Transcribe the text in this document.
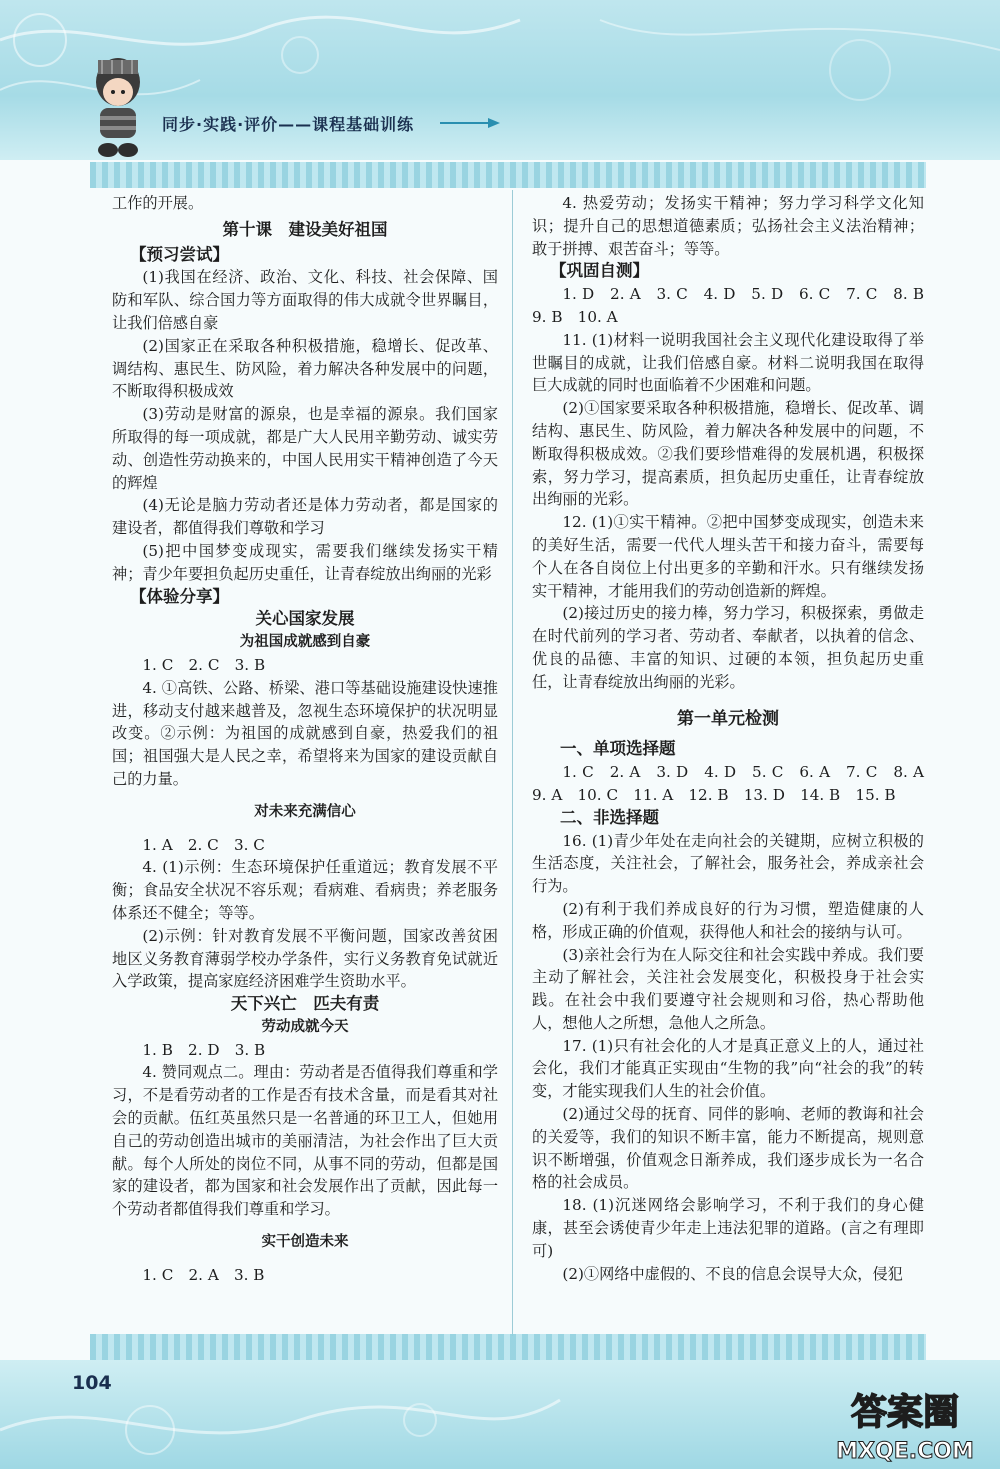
同步·实践·评价——课程基础训练

工作的开展。

第十课　建设美好祖国

【预习尝试】

(1)我国在经济、政治、文化、科技、社会保障、国防和军队、综合国力等方面取得的伟大成就令世界瞩目，让我们倍感自豪

(2)国家正在采取各种积极措施，稳增长、促改革、调结构、惠民生、防风险，着力解决各种发展中的问题，不断取得积极成效

(3)劳动是财富的源泉，也是幸福的源泉。我们国家所取得的每一项成就，都是广大人民用辛勤劳动、诚实劳动、创造性劳动换来的，中国人民用实干精神创造了今天的辉煌

(4)无论是脑力劳动者还是体力劳动者，都是国家的建设者，都值得我们尊敬和学习

(5)把中国梦变成现实，需要我们继续发扬实干精神；青少年要担负起历史重任，让青春绽放出绚丽的光彩

【体验分享】

关心国家发展

为祖国成就感到自豪

1. C　2. C　3. B

4. ①高铁、公路、桥梁、港口等基础设施建设快速推进，移动支付越来越普及，忽视生态环境保护的状况明显改变。②示例：为祖国的成就感到自豪，热爱我们的祖国；祖国强大是人民之幸，希望将来为国家的建设贡献自己的力量。

对未来充满信心

1. A　2. C　3. C

4. (1)示例：生态环境保护任重道远；教育发展不平衡；食品安全状况不容乐观；看病难、看病贵；养老服务体系还不健全；等等。

(2)示例：针对教育发展不平衡问题，国家改善贫困地区义务教育薄弱学校办学条件，实行义务教育免试就近入学政策，提高家庭经济困难学生资助水平。

天下兴亡　匹夫有责

劳动成就今天

1. B　2. D　3. B

4. 赞同观点二。理由：劳动者是否值得我们尊重和学习，不是看劳动者的工作是否有技术含量，而是看其对社会的贡献。伍红英虽然只是一名普通的环卫工人，但她用自己的劳动创造出城市的美丽清洁，为社会作出了巨大贡献。每个人所处的岗位不同，从事不同的劳动，但都是国家的建设者，都为国家和社会发展作出了贡献，因此每一个劳动者都值得我们尊重和学习。

实干创造未来

1. C　2. A　3. B

4. 热爱劳动；发扬实干精神；努力学习科学文化知识；提升自己的思想道德素质；弘扬社会主义法治精神；敢于拼搏、艰苦奋斗；等等。

【巩固自测】

1. D　2. A　3. C　4. D　5. D　6. C　7. C　8. B　9. B　10. A

11. (1)材料一说明我国社会主义现代化建设取得了举世瞩目的成就，让我们倍感自豪。材料二说明我国在取得巨大成就的同时也面临着不少困难和问题。

(2)①国家要采取各种积极措施，稳增长、促改革、调结构、惠民生、防风险，着力解决各种发展中的问题，不断取得积极成效。②我们要珍惜难得的发展机遇，积极探索，努力学习，提高素质，担负起历史重任，让青春绽放出绚丽的光彩。

12. (1)①实干精神。②把中国梦变成现实，创造未来的美好生活，需要一代代人埋头苦干和接力奋斗，需要每个人在各自岗位上付出更多的辛勤和汗水。只有继续发扬实干精神，才能用我们的劳动创造新的辉煌。

(2)接过历史的接力棒，努力学习，积极探索，勇做走在时代前列的学习者、劳动者、奉献者，以执着的信念、优良的品德、丰富的知识、过硬的本领，担负起历史重任，让青春绽放出绚丽的光彩。

第一单元检测

一、单项选择题

1. C　2. A　3. D　4. D　5. C　6. A　7. C　8. A　9. A　10. C　11. A　12. B　13. D　14. B　15. B

二、非选择题

16. (1)青少年处在走向社会的关键期，应树立积极的生活态度，关注社会，了解社会，服务社会，养成亲社会行为。

(2)有利于我们养成良好的行为习惯，塑造健康的人格，形成正确的价值观，获得他人和社会的接纳与认可。

(3)亲社会行为在人际交往和社会实践中养成。我们要主动了解社会，关注社会发展变化，积极投身于社会实践。在社会中我们要遵守社会规则和习俗，热心帮助他人，想他人之所想，急他人之所急。

17. (1)只有社会化的人才是真正意义上的人，通过社会化，我们才能真正实现由“生物的我”向“社会的我”的转变，才能实现我们人生的社会价值。

(2)通过父母的抚育、同伴的影响、老师的教诲和社会的关爱等，我们的知识不断丰富，能力不断提高，规则意识不断增强，价值观念日渐养成，我们逐步成长为一名合格的社会成员。

18. (1)沉迷网络会影响学习，不利于我们的身心健康，甚至会诱使青少年走上违法犯罪的道路。(言之有理即可)

(2)①网络中虚假的、不良的信息会误导大众，侵犯

104
答案圈
MXQE.COM
